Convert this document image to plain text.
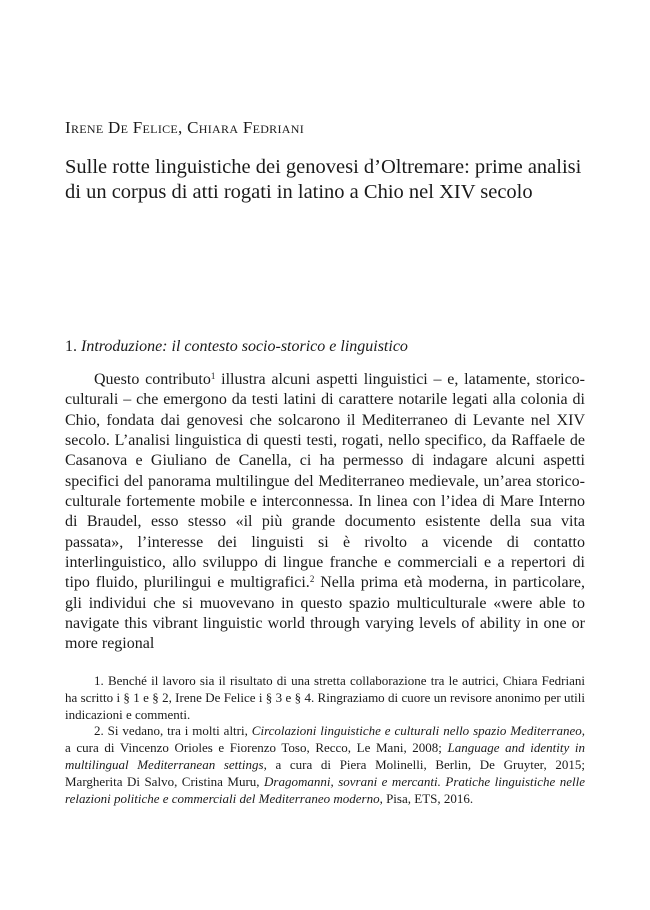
Irene De Felice, Chiara Fedriani
Sulle rotte linguistiche dei genovesi d’Oltremare: prime analisi
di un corpus di atti rogati in latino a Chio nel XIV secolo
1. Introduzione: il contesto socio-storico e linguistico

Questo contributo$^1$ illustra alcuni aspetti linguistici – e, latamente, storico-culturali – che emergono da testi latini di carattere notarile legati alla colonia di Chio, fondata dai genovesi che solcarono il Mediterraneo di Levante nel XIV secolo. L’analisi linguistica di questi testi, rogati, nello specifico, da Raffaele de Casanova e Giuliano de Canella, ci ha permesso di indagare alcuni aspetti specifici del panorama multilingue del Mediterraneo medievale, un’area storico-culturale fortemente mobile e interconnessa. In linea con l’idea di Mare Interno di Braudel, esso stesso «il più grande documento esistente della sua vita passata», l’interesse dei linguisti si è rivolto a vicende di contatto interlinguistico, allo sviluppo di lingue franche e commerciali e a repertori di tipo fluido, plurilingui e multigrafici.$^2$ Nella prima età moderna, in particolare, gli individui che si muovevano in questo spazio multiculturale «were able to navigate this vibrant linguistic world through varying levels of ability in one or more regional

1. Benché il lavoro sia il risultato di una stretta collaborazione tra le autrici, Chiara Fedriani ha scritto i § 1 e § 2, Irene De Felice i § 3 e § 4. Ringraziamo di cuore un revisore anonimo per utili indicazioni e commenti.

2. Si vedano, tra i molti altri, Circolazioni linguistiche e culturali nello spazio Mediterraneo, a cura di Vincenzo Orioles e Fiorenzo Toso, Recco, Le Mani, 2008; Language and identity in multilingual Mediterranean settings, a cura di Piera Molinelli, Berlin, De Gruyter, 2015; Margherita Di Salvo, Cristina Muru, Dragomanni, sovrani e mercanti. Pratiche linguistiche nelle relazioni politiche e commerciali del Mediterraneo moderno, Pisa, ETS, 2016.
